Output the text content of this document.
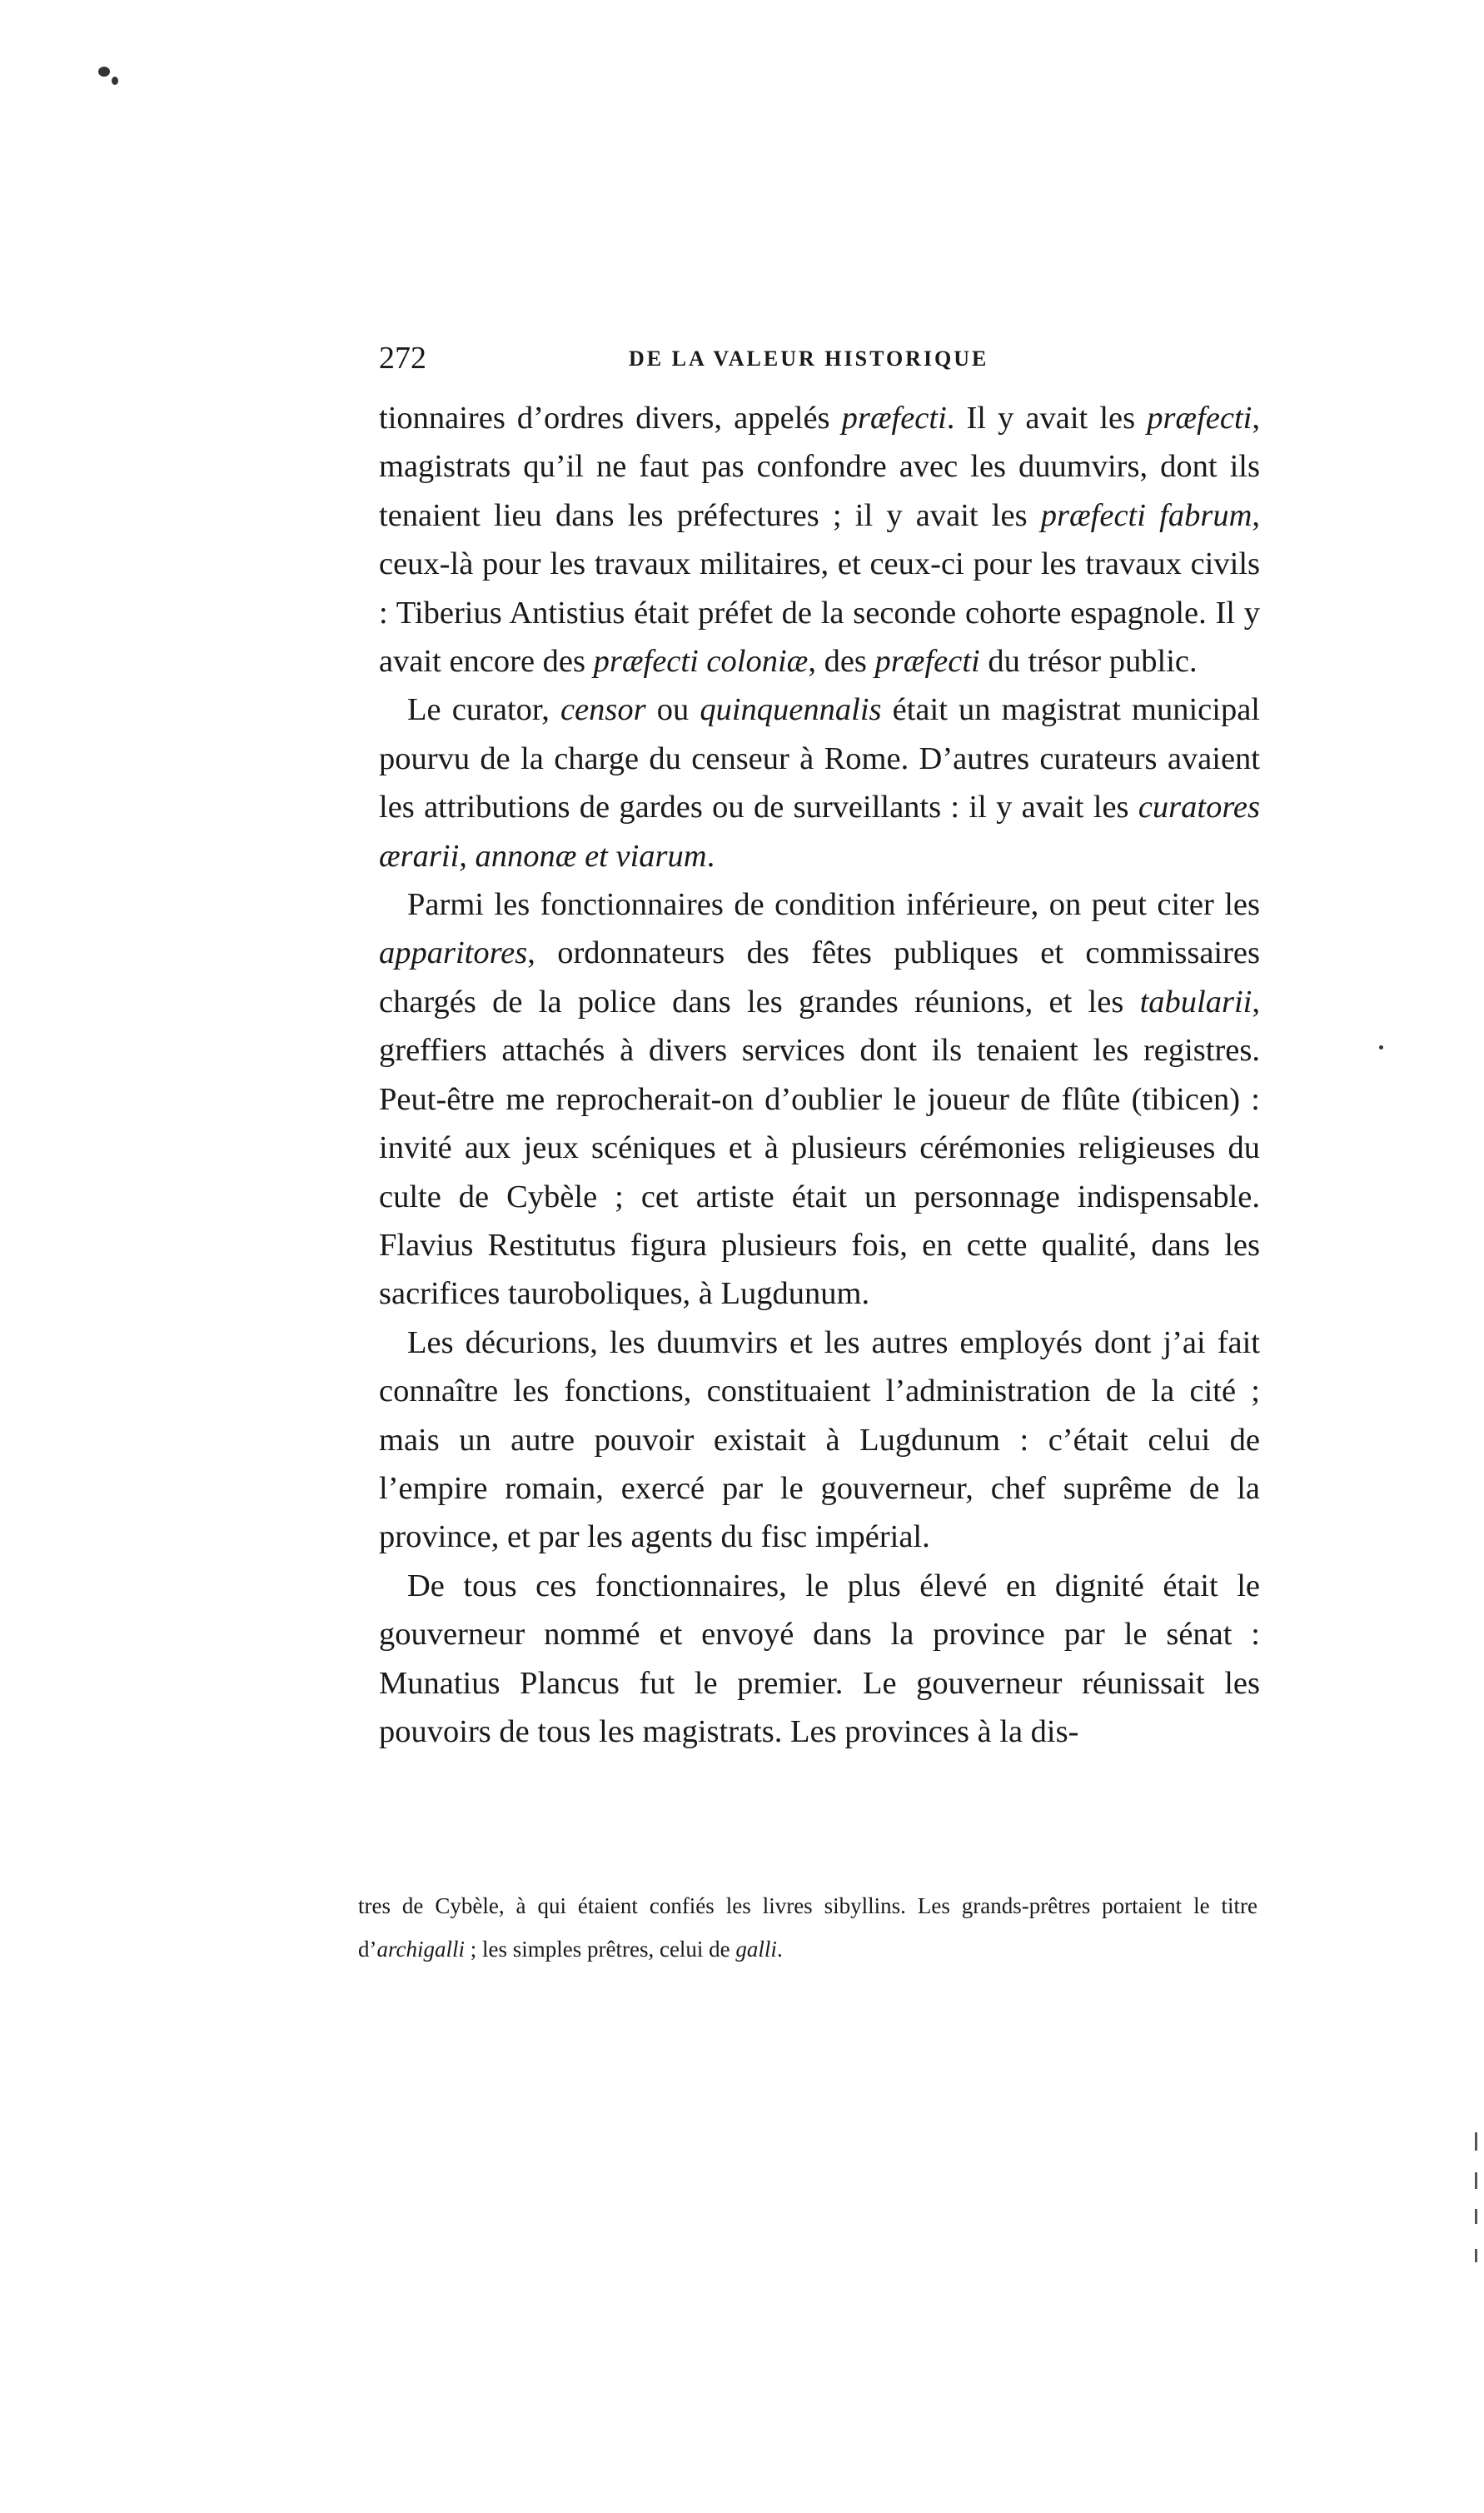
272	DE LA VALEUR HISTORIQUE

tionnaires d’ordres divers, appelés præfecti. Il y avait les præfecti, magistrats qu’il ne faut pas confondre avec les duumvirs, dont ils tenaient lieu dans les préfectures ; il y avait les præfecti fabrum, ceux-là pour les travaux militaires, et ceux-ci pour les travaux civils : Tiberius Antistius était préfet de la seconde cohorte espagnole. Il y avait encore des præfecti coloniæ, des præfecti du trésor public.

Le curator, censor ou quinquennalis était un magistrat municipal pourvu de la charge du censeur à Rome. D’autres curateurs avaient les attributions de gardes ou de surveillants : il y avait les curatores ærarii, annonæ et viarum.

Parmi les fonctionnaires de condition inférieure, on peut citer les apparitores, ordonnateurs des fêtes publiques et commissaires chargés de la police dans les grandes réunions, et les tabularii, greffiers attachés à divers services dont ils tenaient les registres. Peut-être me reprocherait-on d’oublier le joueur de flûte (tibicen) : invité aux jeux scéniques et à plusieurs cérémonies religieuses du culte de Cybèle ; cet artiste était un personnage indispensable. Flavius Restitutus figura plusieurs fois, en cette qualité, dans les sacrifices tauroboliques, à Lugdunum.

Les décurions, les duumvirs et les autres employés dont j’ai fait connaître les fonctions, constituaient l’administration de la cité ; mais un autre pouvoir existait à Lugdunum : c’était celui de l’empire romain, exercé par le gouverneur, chef suprême de la province, et par les agents du fisc impérial.

De tous ces fonctionnaires, le plus élevé en dignité était le gouverneur nommé et envoyé dans la province par le sénat : Munatius Plancus fut le premier. Le gouverneur réunissait les pouvoirs de tous les magistrats. Les provinces à la dis-

tres de Cybèle, à qui étaient confiés les livres sibyllins. Les grands-prêtres portaient le titre d’archigalli ; les simples prêtres, celui de galli.
